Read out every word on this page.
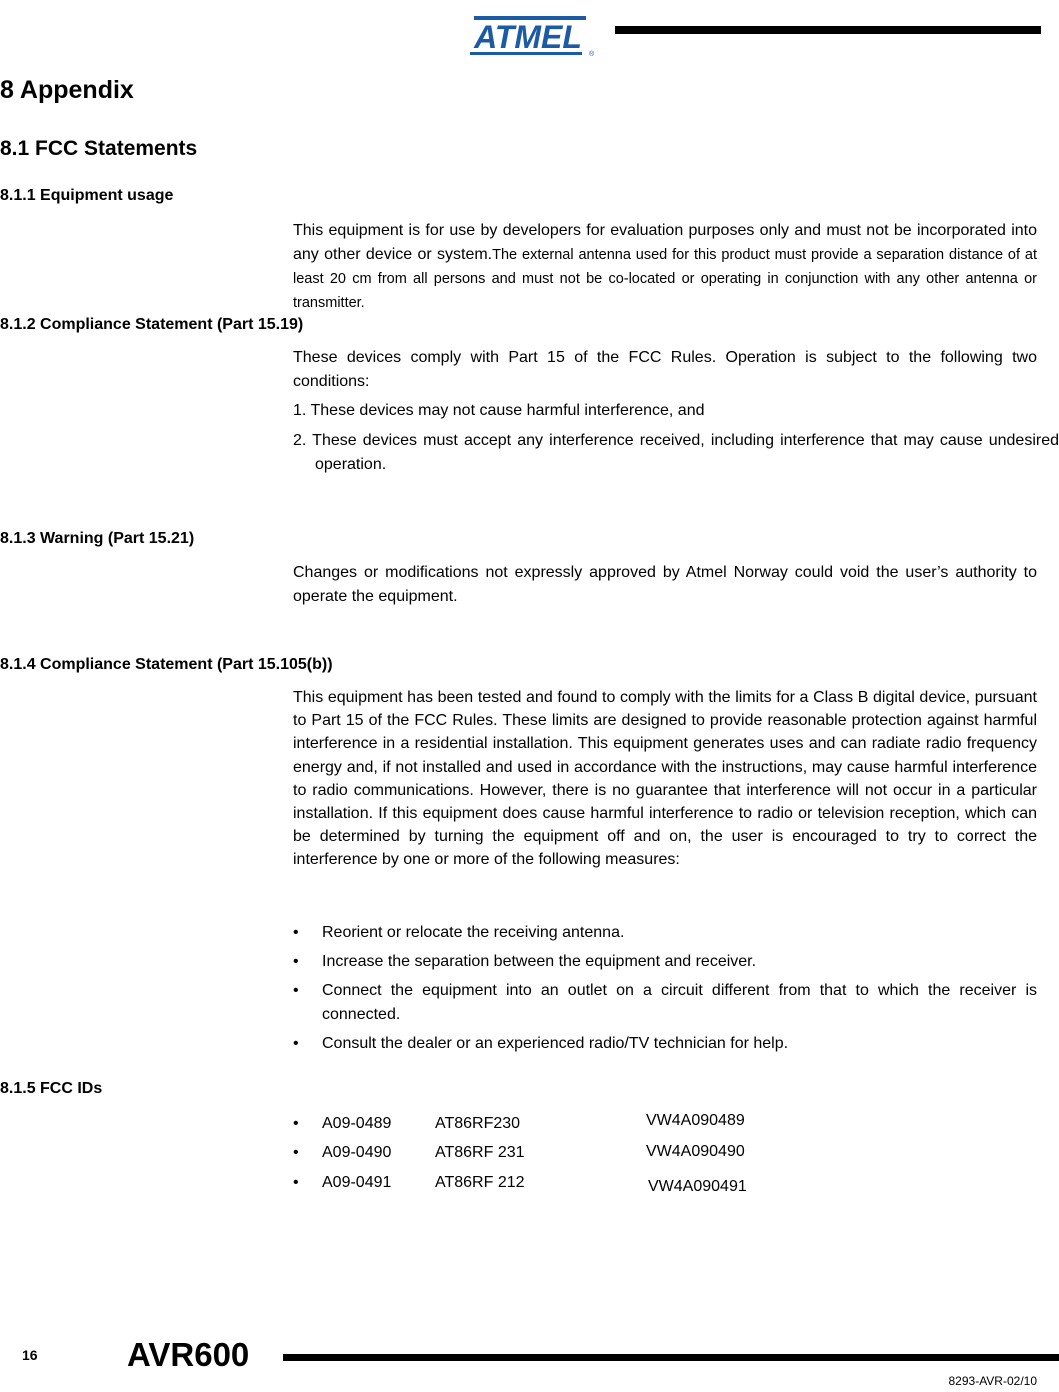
ATMEL ®
8 Appendix
8.1 FCC Statements
8.1.1 Equipment usage
This equipment is for use by developers for evaluation purposes only and must not be incorporated into any other device or system.The external antenna used for this product must provide a separation distance of at least 20 cm from all persons and must not be co-located or operating in conjunction with any other antenna or transmitter.
8.1.2 Compliance Statement (Part 15.19)
These devices comply with Part 15 of the FCC Rules. Operation is subject to the following two conditions:
1. These devices may not cause harmful interference, and
2. These devices must accept any interference received, including interference that may cause undesired operation.
8.1.3 Warning (Part 15.21)
Changes or modifications not expressly approved by Atmel Norway could void the user’s authority to operate the equipment.
8.1.4 Compliance Statement (Part 15.105(b))
This equipment has been tested and found to comply with the limits for a Class B digital device, pursuant to Part 15 of the FCC Rules. These limits are designed to provide reasonable protection against harmful interference in a residential installation. This equipment generates uses and can radiate radio frequency energy and, if not installed and used in accordance with the instructions, may cause harmful interference to radio communications. However, there is no guarantee that interference will not occur in a particular installation. If this equipment does cause harmful interference to radio or television reception, which can be determined by turning the equipment off and on, the user is encouraged to try to correct the interference by one or more of the following measures:
• Reorient or relocate the receiving antenna.
• Increase the separation between the equipment and receiver.
• Connect the equipment into an outlet on a circuit different from that to which the receiver is connected.
• Consult the dealer or an experienced radio/TV technician for help.
8.1.5 FCC IDs
• A09-0489	AT86RF230	VW4A090489
• A09-0490	AT86RF 231	VW4A090490
• A09-0491	AT86RF 212	VW4A090491
16	AVR600
8293-AVR-02/10
